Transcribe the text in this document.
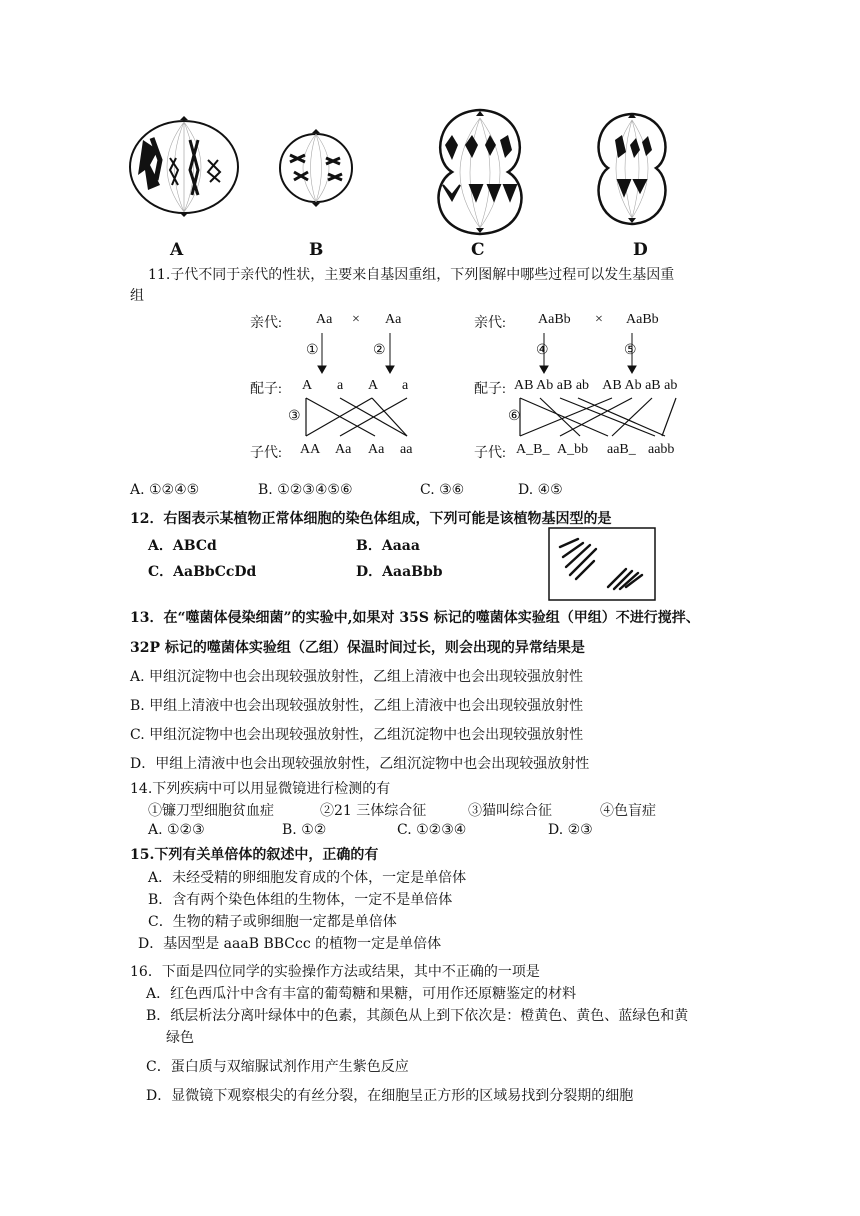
A	B	C	D
11.子代不同于亲代的性状，主要来自基因重组，下列图解中哪些过程可以发生基因重
组
亲代: Aa × Aa
①	②
配子: A a A a
③
子代: AA Aa Aa aa
亲代: AaBb × AaBb
④	⑤
配子: AB Ab aB ab    AB Ab aB ab
⑥
子代: A_B_ A_bb aaB_ aabb
A. ①②④⑤	B. ①②③④⑤⑥	C. ③⑥	D. ④⑤
12．右图表示某植物正常体细胞的染色体组成，下列可能是该植物基因型的是
A．ABCd	B．Aaaa
C．AaBbCcDd	D．AaaBbb
13．在“噬菌体侵染细菌”的实验中,如果对 35S 标记的噬菌体实验组（甲组）不进行搅拌、
32P 标记的噬菌体实验组（乙组）保温时间过长，则会出现的异常结果是
A. 甲组沉淀物中也会出现较强放射性，乙组上清液中也会出现较强放射性
B. 甲组上清液中也会出现较强放射性，乙组上清液中也会出现较强放射性
C. 甲组沉淀物中也会出现较强放射性，乙组沉淀物中也会出现较强放射性
D．甲组上清液中也会出现较强放射性，乙组沉淀物中也会出现较强放射性
14.下列疾病中可以用显微镜进行检测的有
①镰刀型细胞贫血症	②21 三体综合征	③猫叫综合征	④色盲症
A. ①②③	B. ①②	C. ①②③④	D. ②③
15.下列有关单倍体的叙述中，正确的有
A．未经受精的卵细胞发育成的个体，一定是单倍体
B．含有两个染色体组的生物体，一定不是单倍体
C．生物的精子或卵细胞一定都是单倍体
D．基因型是 aaaB BBCcc 的植物一定是单倍体
16．下面是四位同学的实验操作方法或结果，其中不正确的一项是
A．红色西瓜汁中含有丰富的葡萄糖和果糖，可用作还原糖鉴定的材料
B．纸层析法分离叶绿体中的色素，其颜色从上到下依次是：橙黄色、黄色、蓝绿色和黄
绿色
C．蛋白质与双缩脲试剂作用产生紫色反应
D．显微镜下观察根尖的有丝分裂，在细胞呈正方形的区域易找到分裂期的细胞
